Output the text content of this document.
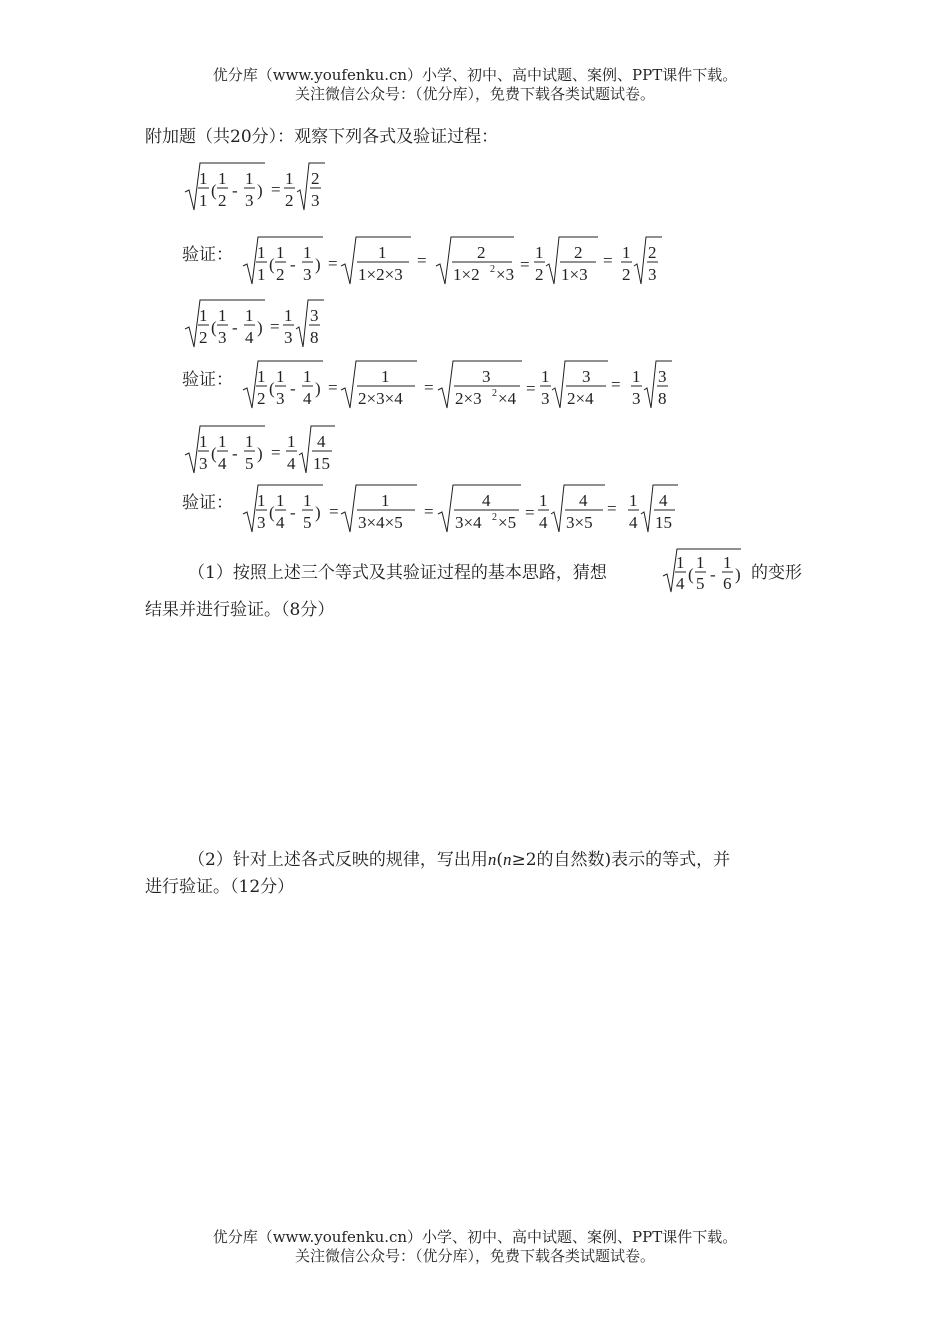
优分库（www.youfenku.cn）小学、初中、高中试题、案例、PPT课件下载。
关注微信公众号：（优分库），免费下载各类试题试卷。
附加题（共20分）：观察下列各式及验证过程：
1
1
(
1
2
-
1
3
) =
1
2
2
3
验证： 1
1
(
1
2
-
1
3
) =
1
1×2×3
=	2
1×2 2 ×3
=
1
2
2
1×3
= 1
2
2
3
1
2
(
1
3
-
1
4
) =
1
3
3
8
验证： 1
2
(
1
3
-
1
4
) =
1
2×3×4
=
3
2×3 2 ×4
=
1
3
3
2×4
= 1
3
3
8
1
3
(
1
4
-
1
5
) =
1
4
4
15
验证： 1
3
(
1
4
-
1
5
) =
1
3×4×5
=
4
3×4 2 ×5
=
1
4
4
3×5
= 1
4
4
15
（1）按照上述三个等式及其验证过程的基本思路，猜想
1
4 (
1
5 -
1
6 ) 的变形
结果并进行验证。（8分）
（2）针对上述各式反映的规律，写出用n(n≥2的自然数)表示的等式，并
进行验证。（12分）
优分库（www.youfenku.cn）小学、初中、高中试题、案例、PPT课件下载。
关注微信公众号：（优分库），免费下载各类试题试卷。
